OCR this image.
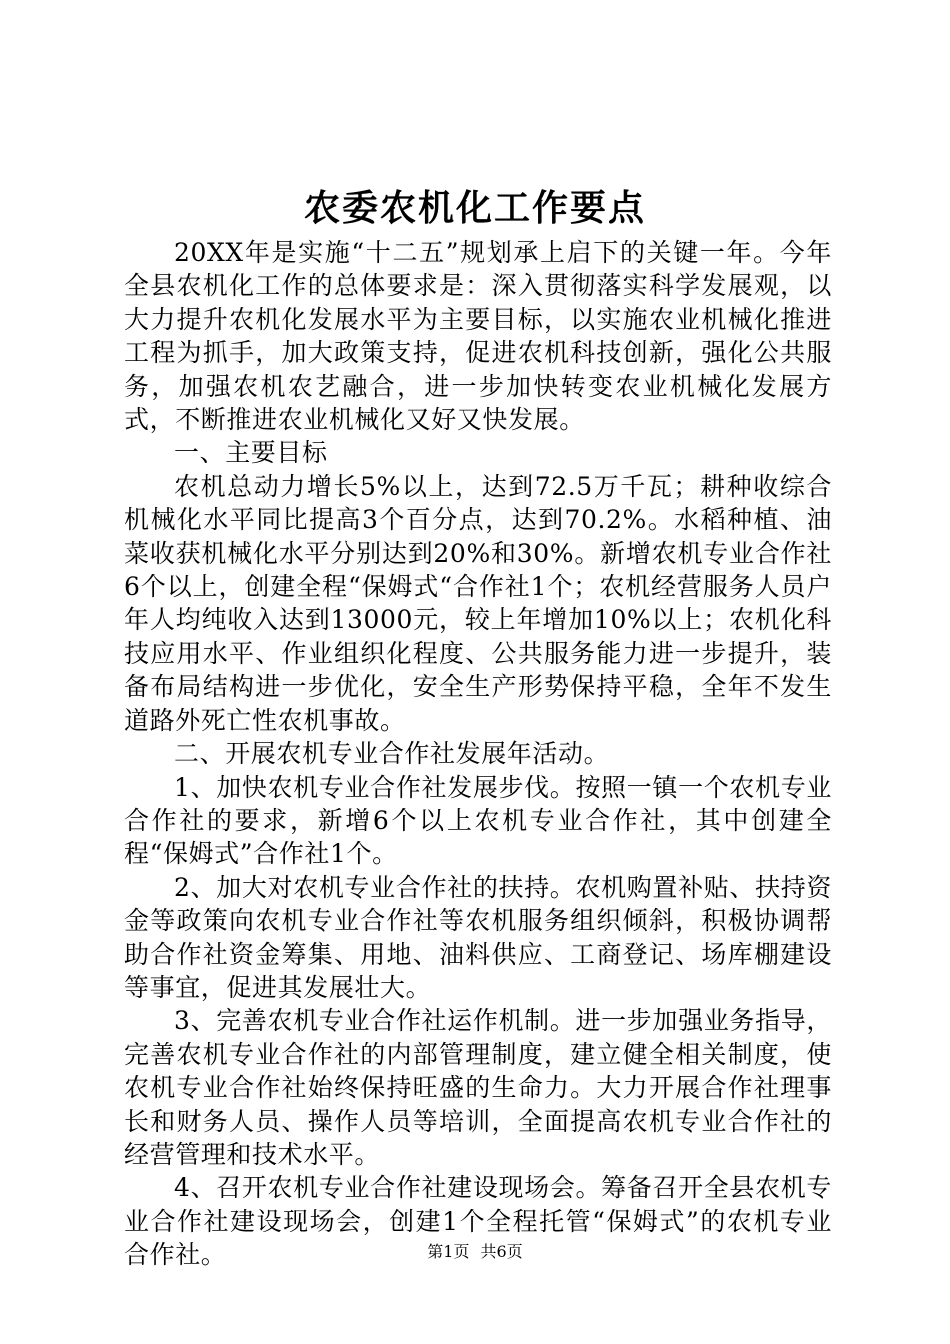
农委农机化工作要点

20XX年是实施“十二五”规划承上启下的关键一年。今年全县农机化工作的总体要求是：深入贯彻落实科学发展观，以大力提升农机化发展水平为主要目标，以实施农业机械化推进工程为抓手，加大政策支持，促进农机科技创新，强化公共服务，加强农机农艺融合，进一步加快转变农业机械化发展方式，不断推进农业机械化又好又快发展。

一、主要目标

农机总动力增长5%以上，达到72.5万千瓦；耕种收综合机械化水平同比提高3个百分点，达到70.2%。水稻种植、油菜收获机械化水平分别达到20%和30%。新增农机专业合作社6个以上，创建全程“保姆式“合作社1个；农机经营服务人员户年人均纯收入达到13000元，较上年增加10%以上；农机化科技应用水平、作业组织化程度、公共服务能力进一步提升，装备布局结构进一步优化，安全生产形势保持平稳，全年不发生道路外死亡性农机事故。

二、开展农机专业合作社发展年活动。

1、加快农机专业合作社发展步伐。按照一镇一个农机专业合作社的要求，新增6个以上农机专业合作社，其中创建全程“保姆式”合作社1个。

2、加大对农机专业合作社的扶持。农机购置补贴、扶持资金等政策向农机专业合作社等农机服务组织倾斜，积极协调帮助合作社资金筹集、用地、油料供应、工商登记、场库棚建设等事宜，促进其发展壮大。

3、完善农机专业合作社运作机制。进一步加强业务指导，完善农机专业合作社的内部管理制度，建立健全相关制度，使农机专业合作社始终保持旺盛的生命力。大力开展合作社理事长和财务人员、操作人员等培训，全面提高农机专业合作社的经营管理和技术水平。

4、召开农机专业合作社建设现场会。筹备召开全县农机专业合作社建设现场会，创建1个全程托管“保姆式”的农机专业合作社。	第1页 共6页
